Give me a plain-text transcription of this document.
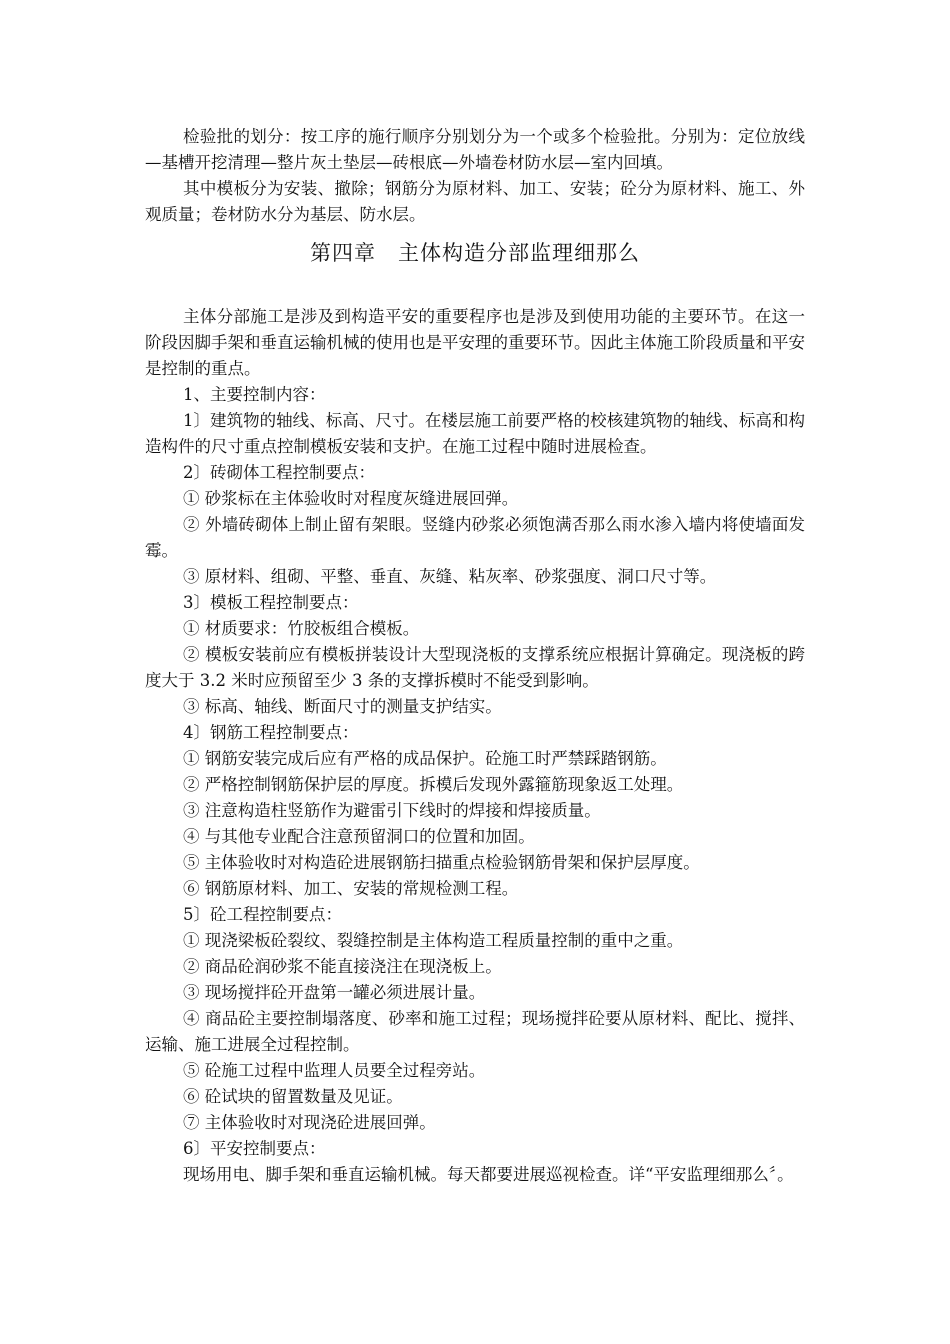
检验批的划分：按工序的施行顺序分别划分为一个或多个检验批。分别为：定位放线—基槽开挖清理—整片灰土垫层—砖根底—外墙卷材防水层—室内回填。

其中模板分为安装、撤除；钢筋分为原材料、加工、安装；砼分为原材料、施工、外观质量；卷材防水分为基层、防水层。

第四章 主体构造分部监理细那么

主体分部施工是涉及到构造平安的重要程序也是涉及到使用功能的主要环节。在这一阶段因脚手架和垂直运输机械的使用也是平安理的重要环节。因此主体施工阶段质量和平安是控制的重点。

1、主要控制内容：

1〕建筑物的轴线、标高、尺寸。在楼层施工前要严格的校核建筑物的轴线、标高和构造构件的尺寸重点控制模板安装和支护。在施工过程中随时进展检查。

2〕砖砌体工程控制要点：

① 砂浆标在主体验收时对程度灰缝进展回弹。

② 外墙砖砌体上制止留有架眼。竖缝内砂浆必须饱满否那么雨水渗入墙内将使墙面发霉。

③ 原材料、组砌、平整、垂直、灰缝、粘灰率、砂浆强度、洞口尺寸等。

3〕模板工程控制要点：

① 材质要求：竹胶板组合模板。

② 模板安装前应有模板拼装设计大型现浇板的支撑系统应根据计算确定。现浇板的跨度大于 3.2 米时应预留至少 3 条的支撑拆模时不能受到影响。

③ 标高、轴线、断面尺寸的测量支护结实。

4〕钢筋工程控制要点：

① 钢筋安装完成后应有严格的成品保护。砼施工时严禁踩踏钢筋。

② 严格控制钢筋保护层的厚度。拆模后发现外露箍筋现象返工处理。

③ 注意构造柱竖筋作为避雷引下线时的焊接和焊接质量。

④ 与其他专业配合注意预留洞口的位置和加固。

⑤ 主体验收时对构造砼进展钢筋扫描重点检验钢筋骨架和保护层厚度。

⑥ 钢筋原材料、加工、安装的常规检测工程。

5〕砼工程控制要点：

① 现浇梁板砼裂纹、裂缝控制是主体构造工程质量控制的重中之重。

② 商品砼润砂浆不能直接浇注在现浇板上。

③ 现场搅拌砼开盘第一罐必须进展计量。

④ 商品砼主要控制塌落度、砂率和施工过程；现场搅拌砼要从原材料、配比、搅拌、运输、施工进展全过程控制。

⑤ 砼施工过程中监理人员要全过程旁站。

⑥ 砼试块的留置数量及见证。

⑦ 主体验收时对现浇砼进展回弹。

6〕平安控制要点：

现场用电、脚手架和垂直运输机械。每天都要进展巡视检查。详“平安监理细那么〞。
